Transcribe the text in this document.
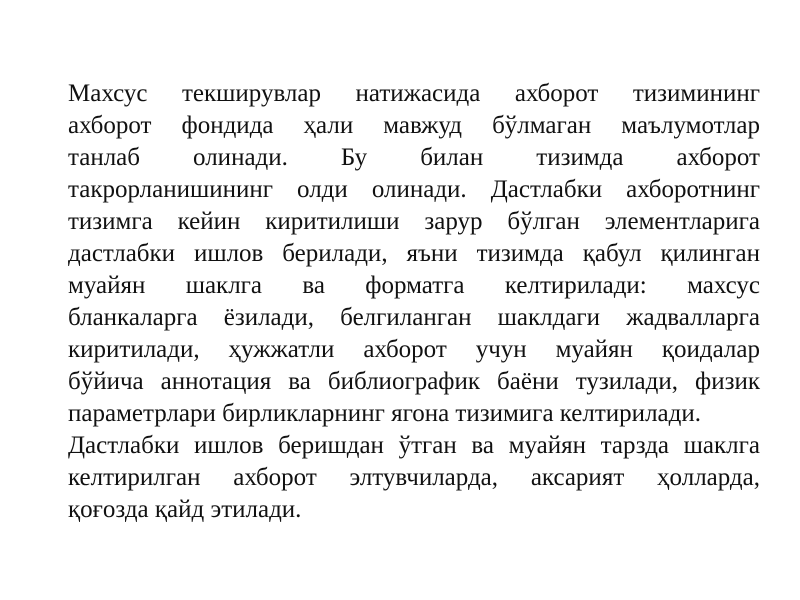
Махсус текширувлар натижасида ахборот тизимининг
ахборот фондида ҳали мавжуд бўлмаган маълумотлар
танлаб олинади. Бу билан тизимда ахборот
такрорланишининг олди олинади. Дастлабки ахборотнинг
тизимга кейин киритилиши зарур бўлган элементларига
дастлабки ишлов берилади, яъни тизимда қабул қилинган
муайян шаклга ва форматга келтирилади: махсус
бланкаларга ёзилади, белгиланган шаклдаги жадвалларга
киритилади, ҳужжатли ахборот учун муайян қоидалар
бўйича аннотация ва библиографик баёни тузилади, физик
параметрлари бирликларнинг ягона тизимига келтирилади.
Дастлабки ишлов беришдан ўтган ва муайян тарзда шаклга
келтирилган ахборот элтувчиларда, аксарият ҳолларда,
қоғозда қайд этилади.
